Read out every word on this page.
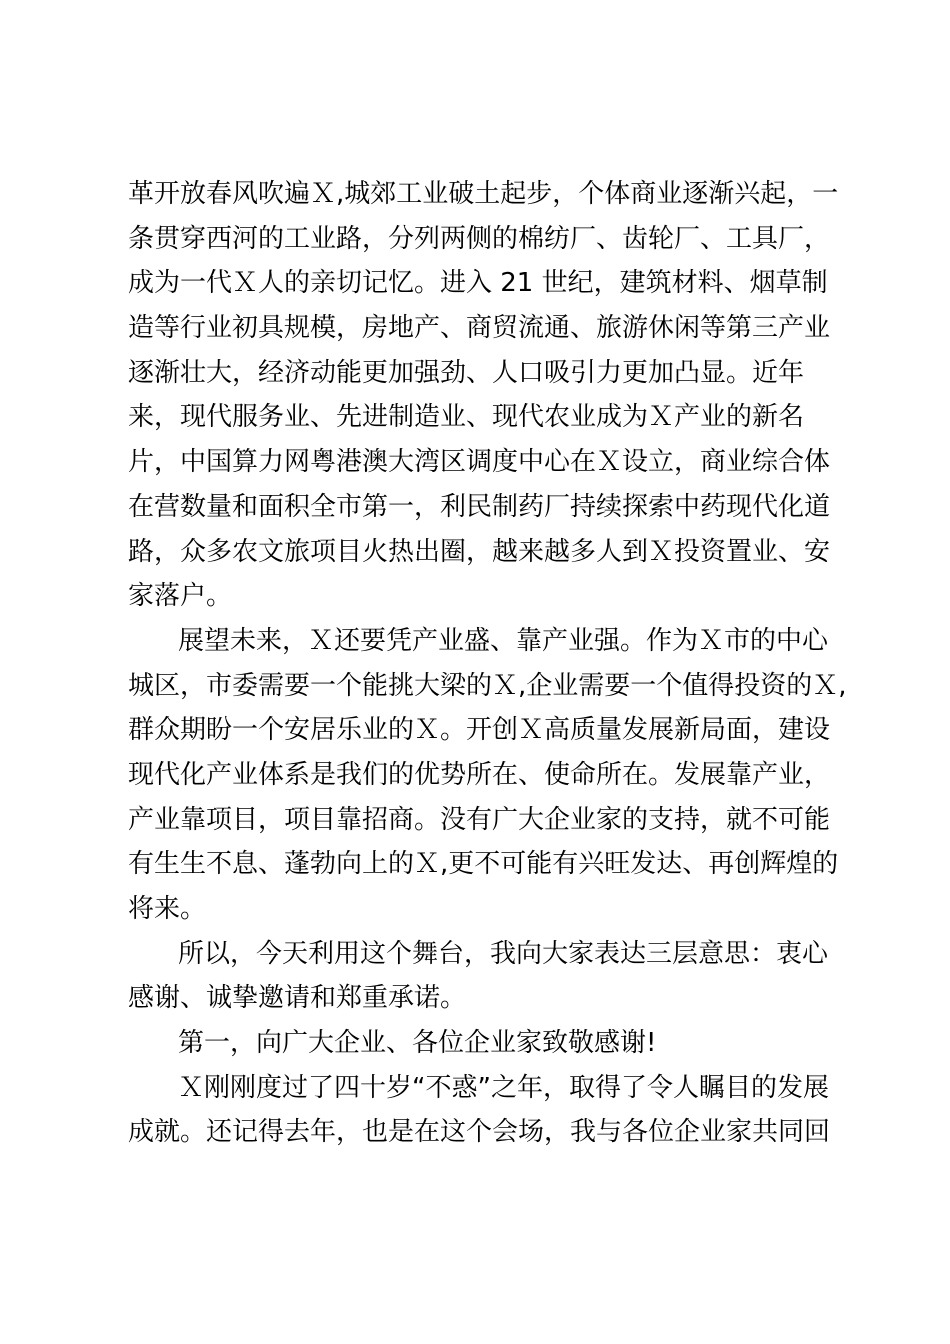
革开放春风吹遍Ｘ,城郊工业破土起步，个体商业逐渐兴起，一
条贯穿西河的工业路，分列两侧的棉纺厂、齿轮厂、工具厂，
成为一代Ｘ人的亲切记忆。进入 21 世纪，建筑材料、烟草制
造等行业初具规模，房地产、商贸流通、旅游休闲等第三产业
逐渐壮大，经济动能更加强劲、人口吸引力更加凸显。近年
来，现代服务业、先进制造业、现代农业成为Ｘ产业的新名
片，中国算力网粤港澳大湾区调度中心在Ｘ设立，商业综合体
在营数量和面积全市第一，利民制药厂持续探索中药现代化道
路，众多农文旅项目火热出圈，越来越多人到Ｘ投资置业、安
家落户。
展望未来，Ｘ还要凭产业盛、靠产业强。作为Ｘ市的中心
城区，市委需要一个能挑大梁的Ｘ,企业需要一个值得投资的Ｘ,
群众期盼一个安居乐业的Ｘ。开创Ｘ高质量发展新局面，建设
现代化产业体系是我们的优势所在、使命所在。发展靠产业，
产业靠项目，项目靠招商。没有广大企业家的支持，就不可能
有生生不息、蓬勃向上的Ｘ,更不可能有兴旺发达、再创辉煌的
将来。
所以，今天利用这个舞台，我向大家表达三层意思：衷心
感谢、诚挚邀请和郑重承诺。
第一，向广大企业、各位企业家致敬感谢!
Ｘ刚刚度过了四十岁“不惑”之年，取得了令人瞩目的发展
成就。还记得去年，也是在这个会场，我与各位企业家共同回
